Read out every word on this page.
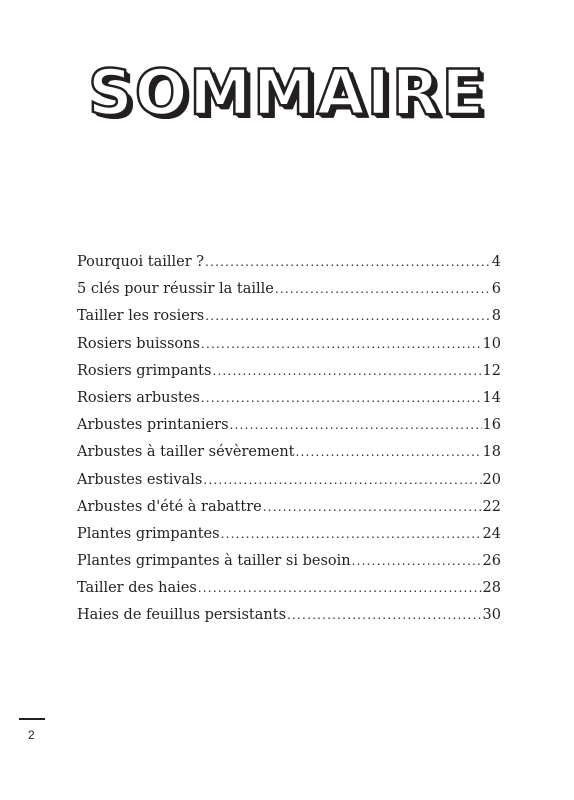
SOMMAIRE
Pourquoi tailler ? .....	4
5 clés pour réussir la taille .....	6
Tailler les rosiers .....	8
Rosiers buissons .....	10
Rosiers grimpants .....	12
Rosiers arbustes .....	14
Arbustes printaniers .....	16
Arbustes à tailler sévèrement .....	18
Arbustes estivals .....	20
Arbustes d'été à rabattre .....	22
Plantes grimpantes .....	24
Plantes grimpantes à tailler si besoin .....	26
Tailler des haies .....	28
Haies de feuillus persistants .....	30
2
